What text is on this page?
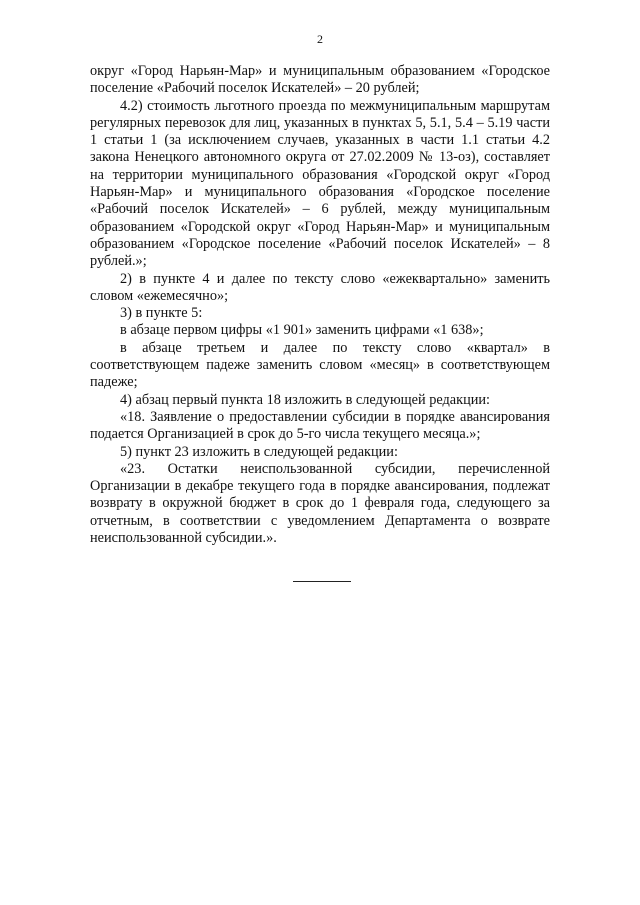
2

округ «Город Нарьян-Мар» и муниципальным образованием «Городское поселение «Рабочий поселок Искателей» – 20 рублей;

4.2) стоимость льготного проезда по межмуниципальным маршрутам регулярных перевозок для лиц, указанных в пунктах 5, 5.1, 5.4 – 5.19 части 1 статьи 1 (за исключением случаев, указанных в части 1.1 статьи 4.2 закона Ненецкого автономного округа от 27.02.2009 № 13-оз), составляет на территории муниципального образования «Городской округ «Город Нарьян-Мар» и муниципального образования «Городское поселение «Рабочий поселок Искателей» – 6 рублей, между муниципальным образованием «Городской округ «Город Нарьян-Мар» и муниципальным образованием «Городское поселение «Рабочий поселок Искателей» – 8 рублей.»;

2) в пункте 4 и далее по тексту слово «ежеквартально» заменить словом «ежемесячно»;

3) в пункте 5:

в абзаце первом цифры «1 901» заменить цифрами «1 638»;

в абзаце третьем и далее по тексту слово «квартал» в соответствующем падеже заменить словом «месяц» в соответствующем падеже;

4) абзац первый пункта 18 изложить в следующей редакции:

«18. Заявление о предоставлении субсидии в порядке авансирования подается Организацией в срок до 5-го числа текущего месяца.»;

5) пункт 23 изложить в следующей редакции:

«23. Остатки неиспользованной субсидии, перечисленной Организации в декабре текущего года в порядке авансирования, подлежат возврату в окружной бюджет в срок до 1 февраля года, следующего за отчетным, в соответствии с уведомлением Департамента о возврате неиспользованной субсидии.».
